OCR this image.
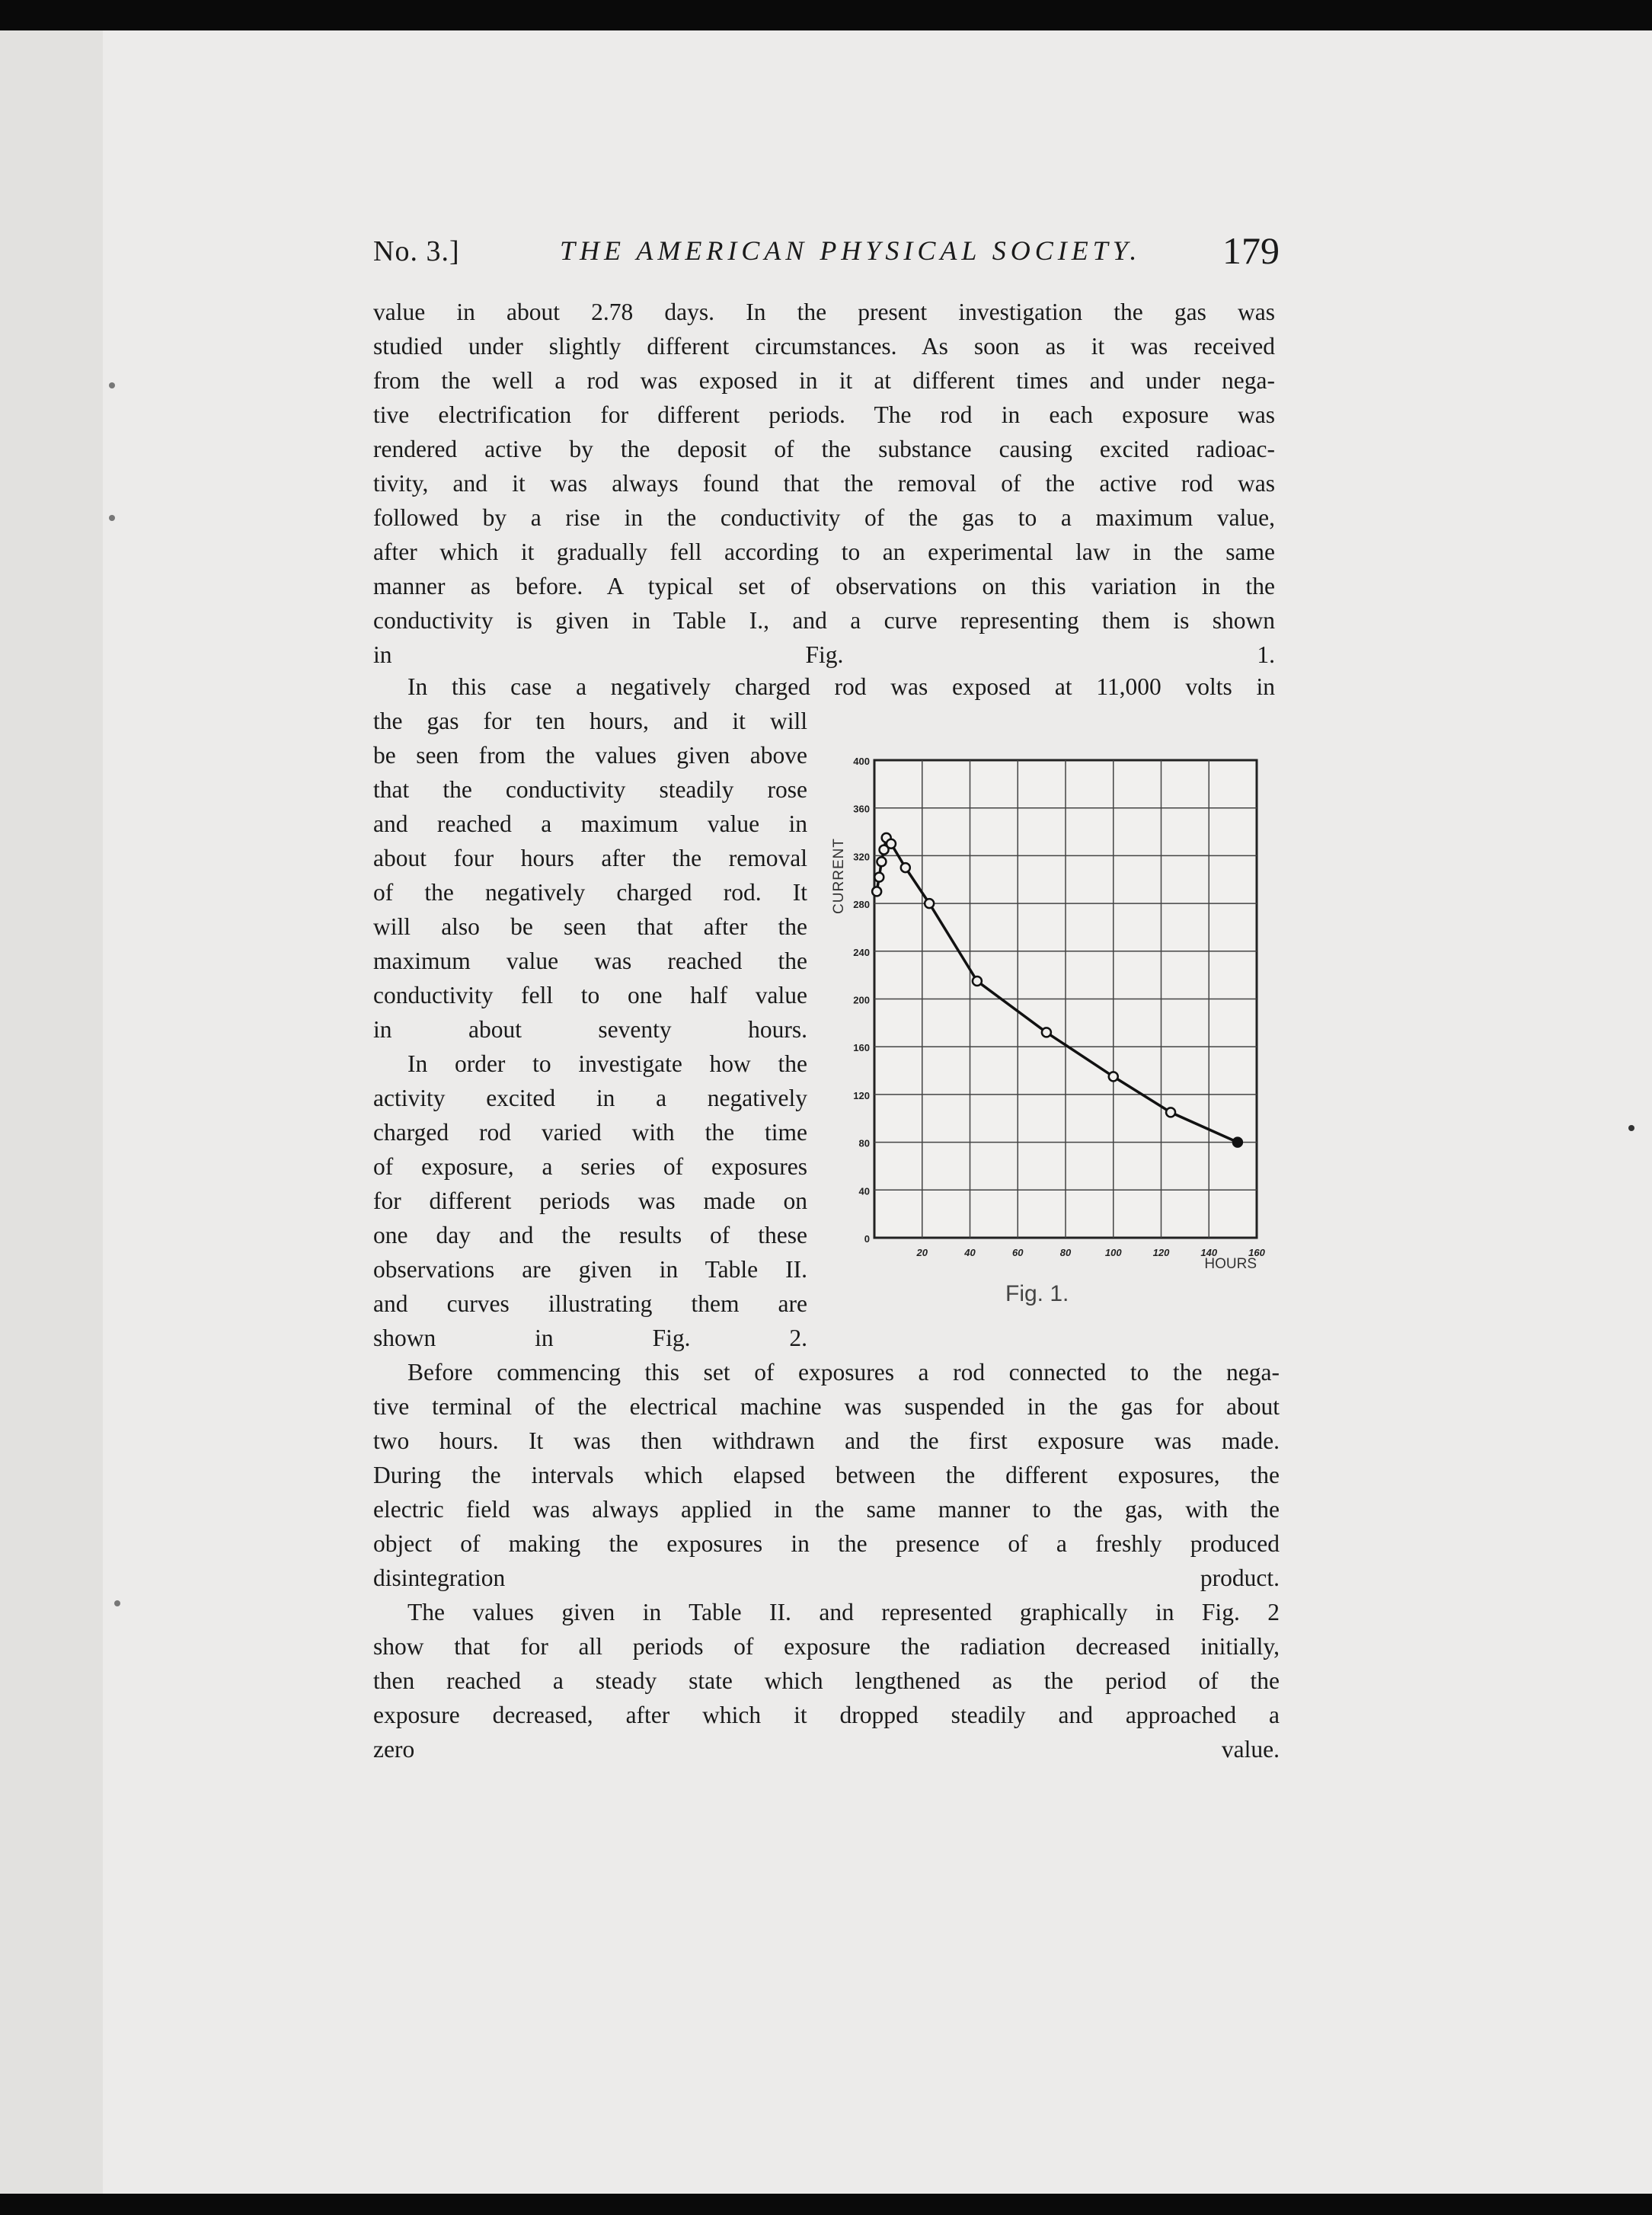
No. 3.]	THE AMERICAN PHYSICAL SOCIETY. 179
value in about 2.78 days. In the present investigation the gas was
studied under slightly different circumstances. As soon as it was received
from the well a rod was exposed in it at different times and under nega-
tive electrification for different periods. The rod in each exposure was
rendered active by the deposit of the substance causing excited radioac-
tivity, and it was always found that the removal of the active rod was
followed by a rise in the conductivity of the gas to a maximum value,
after which it gradually fell according to an experimental law in the same
manner as before. A typical set of observations on this variation in the
conductivity is given in Table I., and a curve representing them is shown
in Fig. 1.
In this case a negatively charged rod was exposed at 11,000 volts in
the gas for ten hours, and it will
be seen from the values given above
that the conductivity steadily rose
and reached a maximum value in
about four hours after the removal
of the negatively charged rod. It
will also be seen that after the
maximum value was reached the
conductivity fell to one half value
in about seventy hours.
In order to investigate how the
activity excited in a negatively
charged rod varied with the time
of exposure, a series of exposures
for different periods was made on
one day and the results of these
observations are given in Table II.
and curves illustrating them are
shown in Fig. 2.
Before commencing this set of exposures a rod connected to the nega-
tive terminal of the electrical machine was suspended in the gas for about
two hours. It was then withdrawn and the first exposure was made.
During the intervals which elapsed between the different exposures, the
electric field was always applied in the same manner to the gas, with the
object of making the exposures in the presence of a freshly produced
disintegration product.
The values given in Table II. and represented graphically in Fig. 2
show that for all periods of exposure the radiation decreased initially,
then reached a steady state which lengthened as the period of the
exposure decreased, after which it dropped steadily and approached a
zero value.
0
40
80
120
160
200
240
280
320
360
400
20	40	60	80	100	120	140	160
CURRENT
HOURS
Fig. 1.
